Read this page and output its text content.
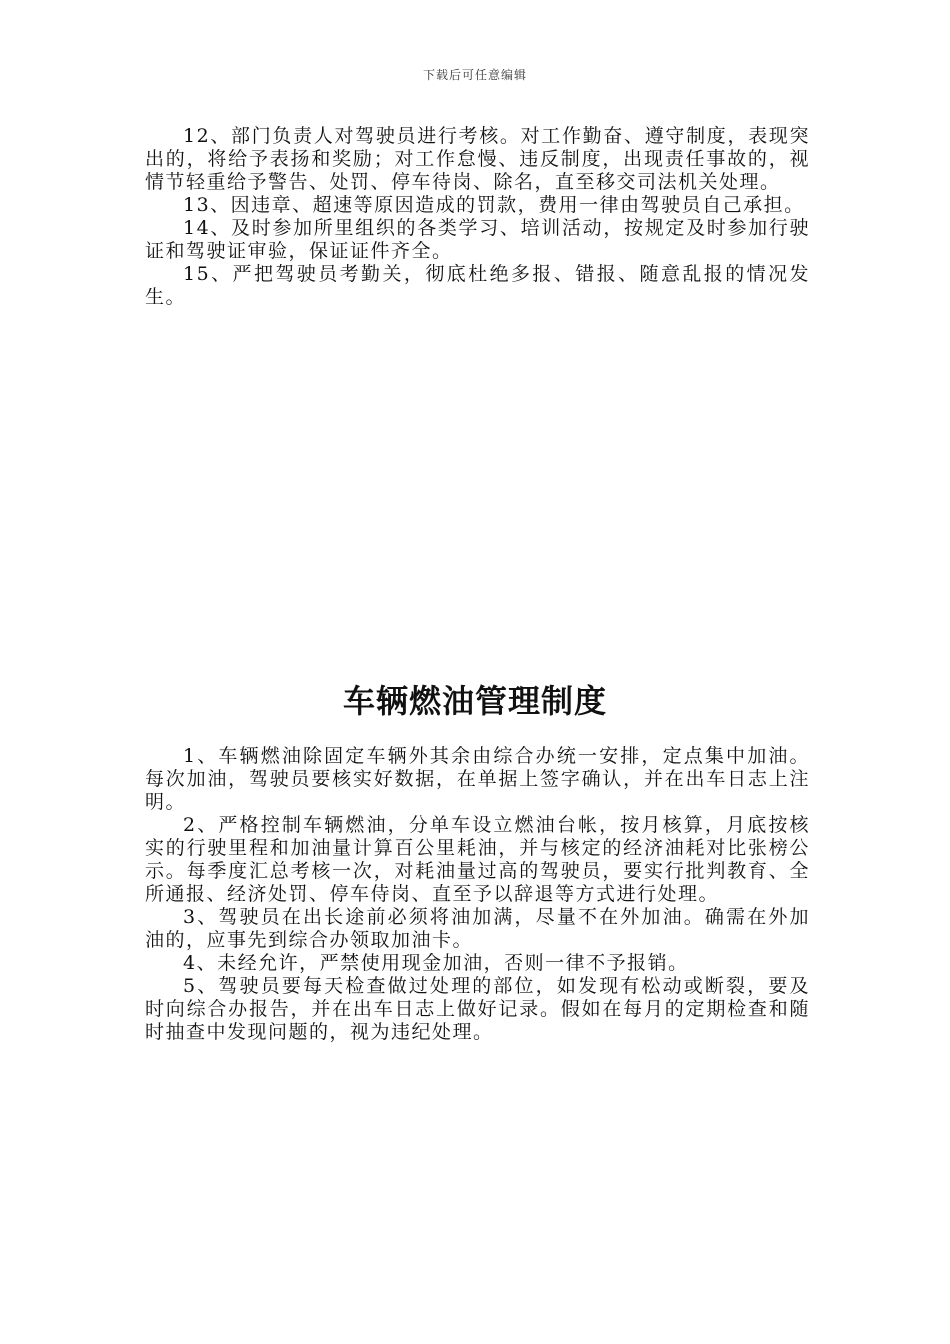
下载后可任意编辑

12、部门负责人对驾驶员进行考核。对工作勤奋、遵守制度，表现突出的，将给予表扬和奖励；对工作怠慢、违反制度，出现责任事故的，视情节轻重给予警告、处罚、停车待岗、除名，直至移交司法机关处理。

13、因违章、超速等原因造成的罚款，费用一律由驾驶员自己承担。

14、及时参加所里组织的各类学习、培训活动，按规定及时参加行驶证和驾驶证审验，保证证件齐全。

15、严把驾驶员考勤关，彻底杜绝多报、错报、随意乱报的情况发生。

车辆燃油管理制度

1、车辆燃油除固定车辆外其余由综合办统一安排，定点集中加油。每次加油，驾驶员要核实好数据，在单据上签字确认，并在出车日志上注明。

2、严格控制车辆燃油，分单车设立燃油台帐，按月核算，月底按核实的行驶里程和加油量计算百公里耗油，并与核定的经济油耗对比张榜公示。每季度汇总考核一次，对耗油量过高的驾驶员，要实行批判教育、全所通报、经济处罚、停车侍岗、直至予以辞退等方式进行处理。

3、驾驶员在出长途前必须将油加满，尽量不在外加油。确需在外加油的，应事先到综合办领取加油卡。

4、未经允许，严禁使用现金加油，否则一律不予报销。

5、驾驶员要每天检查做过处理的部位，如发现有松动或断裂，要及时向综合办报告，并在出车日志上做好记录。假如在每月的定期检查和随时抽查中发现问题的，视为违纪处理。
